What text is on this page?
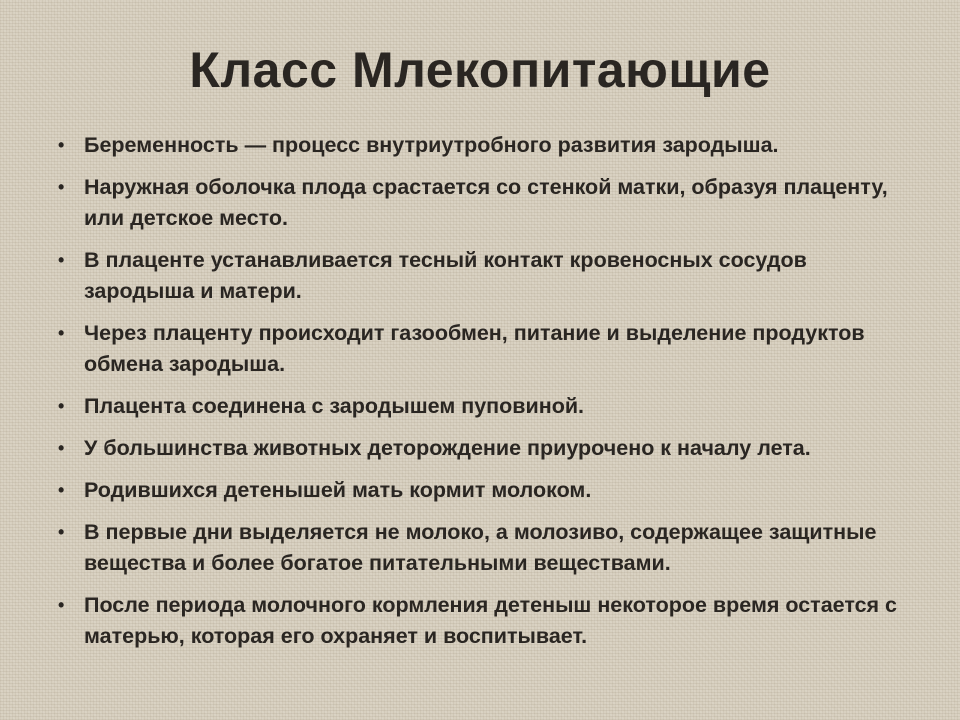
Класс Млекопитающие
• Беременность — процесс внутриутробного развития зародыша.
• Наружная оболочка плода срастается со стенкой матки, образуя плаценту, или детское место.
• В плаценте устанавливается тесный контакт кровеносных сосудов зародыша и матери.
• Через плаценту происходит газообмен, питание и выделение продуктов обмена зародыша.
• Плацента соединена с зародышем пуповиной.
• У большинства животных деторождение приурочено к началу лета.
• Родившихся детенышей мать кормит молоком.
• В первые дни выделяется не молоко, а молозиво, содержащее защитные вещества и более богатое питательными веществами.
• После периода молочного кормления детеныш некоторое время остается с матерью, которая его охраняет и воспитывает.
